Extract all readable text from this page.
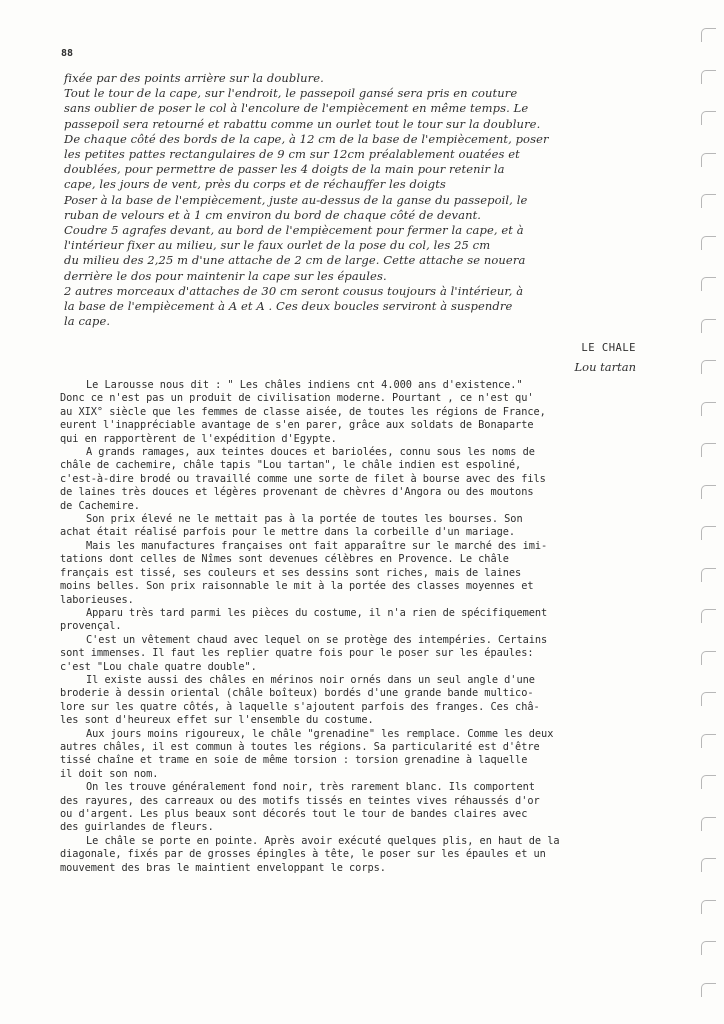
88
fixée par des points arrière sur la doublure.
Tout le tour de la cape, sur l'endroit, le passepoil gansé sera pris en couture
sans oublier de poser le col à l'encolure de l'empiècement en même temps. Le
passepoil sera retourné et rabattu comme un ourlet tout le tour sur la doublure.
De chaque côté des bords de la cape, à 12 cm de la base de l'empiècement, poser
les petites pattes rectangulaires de 9 cm sur 12cm préalablement ouatées et
doublées, pour permettre de passer les 4 doigts de la main pour retenir la
cape, les jours de vent, près du corps et de réchauffer les doigts
Poser à la base de l'empiècement, juste au-dessus de la ganse du passepoil, le
ruban de velours et à 1 cm environ du bord de chaque côté de devant.
Coudre 5 agrafes devant, au bord de l'empiècement pour fermer la cape, et à
l'intérieur fixer au milieu, sur le faux ourlet de la pose du col, les 25 cm
du milieu des 2,25 m d'une attache de 2 cm de large. Cette attache se nouera
derrière le dos pour maintenir la cape sur les épaules.
2 autres morceaux d'attaches de 30 cm seront cousus toujours à l'intérieur, à
la base de l'empiècement à A et A . Ces deux boucles serviront à suspendre
la cape.
LE CHALE
Lou tartan
Le Larousse nous dit : " Les châles indiens cnt 4.000 ans d'existence."
Donc ce n'est pas un produit de civilisation moderne. Pourtant , ce n'est qu'
au XIX° siècle que les femmes de classe aisée, de toutes les régions de France,
eurent l'inappréciable avantage de s'en parer, grâce aux soldats de Bonaparte
qui en rapportèrent de l'expédition d'Egypte.
A grands ramages, aux teintes douces et bariolées, connu sous les noms de
châle de cachemire, châle tapis "Lou tartan", le châle indien est espoliné,
c'est-à-dire brodé ou travaillé comme une sorte de filet à bourse avec des fils
de laines très douces et légères provenant de chèvres d'Angora ou des moutons
de Cachemire.
Son prix élevé ne le mettait pas à la portée de toutes les bourses. Son
achat était réalisé parfois pour le mettre dans la corbeille d'un mariage.
Mais les manufactures françaises ont fait apparaître sur le marché des imi-
tations dont celles de Nîmes sont devenues célèbres en Provence. Le châle
français est tissé, ses couleurs et ses dessins sont riches, mais de laines
moins belles. Son prix raisonnable le mit à la portée des classes moyennes et
laborieuses.
Apparu très tard parmi les pièces du costume, il n'a rien de spécifiquement
provençal.
C'est un vêtement chaud avec lequel on se protège des intempéries. Certains
sont immenses. Il faut les replier quatre fois pour le poser sur les épaules:
c'est "Lou chale quatre double".
Il existe aussi des châles en mérinos noir ornés dans un seul angle d'une
broderie à dessin oriental (châle boîteux) bordés d'une grande bande multico-
lore sur les quatre côtés, à laquelle s'ajoutent parfois des franges. Ces châ-
les sont d'heureux effet sur l'ensemble du costume.
Aux jours moins rigoureux, le châle "grenadine" les remplace. Comme les deux
autres châles, il est commun à toutes les régions. Sa particularité est d'être
tissé chaîne et trame en soie de même torsion : torsion grenadine à laquelle
il doit son nom.
On les trouve généralement fond noir, très rarement blanc. Ils comportent
des rayures, des carreaux ou des motifs tissés en teintes vives réhaussés d'or
ou d'argent. Les plus beaux sont décorés tout le tour de bandes claires avec
des guirlandes de fleurs.
Le châle se porte en pointe. Après avoir exécuté quelques plis, en haut de la
diagonale, fixés par de grosses épingles à tête, le poser sur les épaules et un
mouvement des bras le maintient enveloppant le corps.
